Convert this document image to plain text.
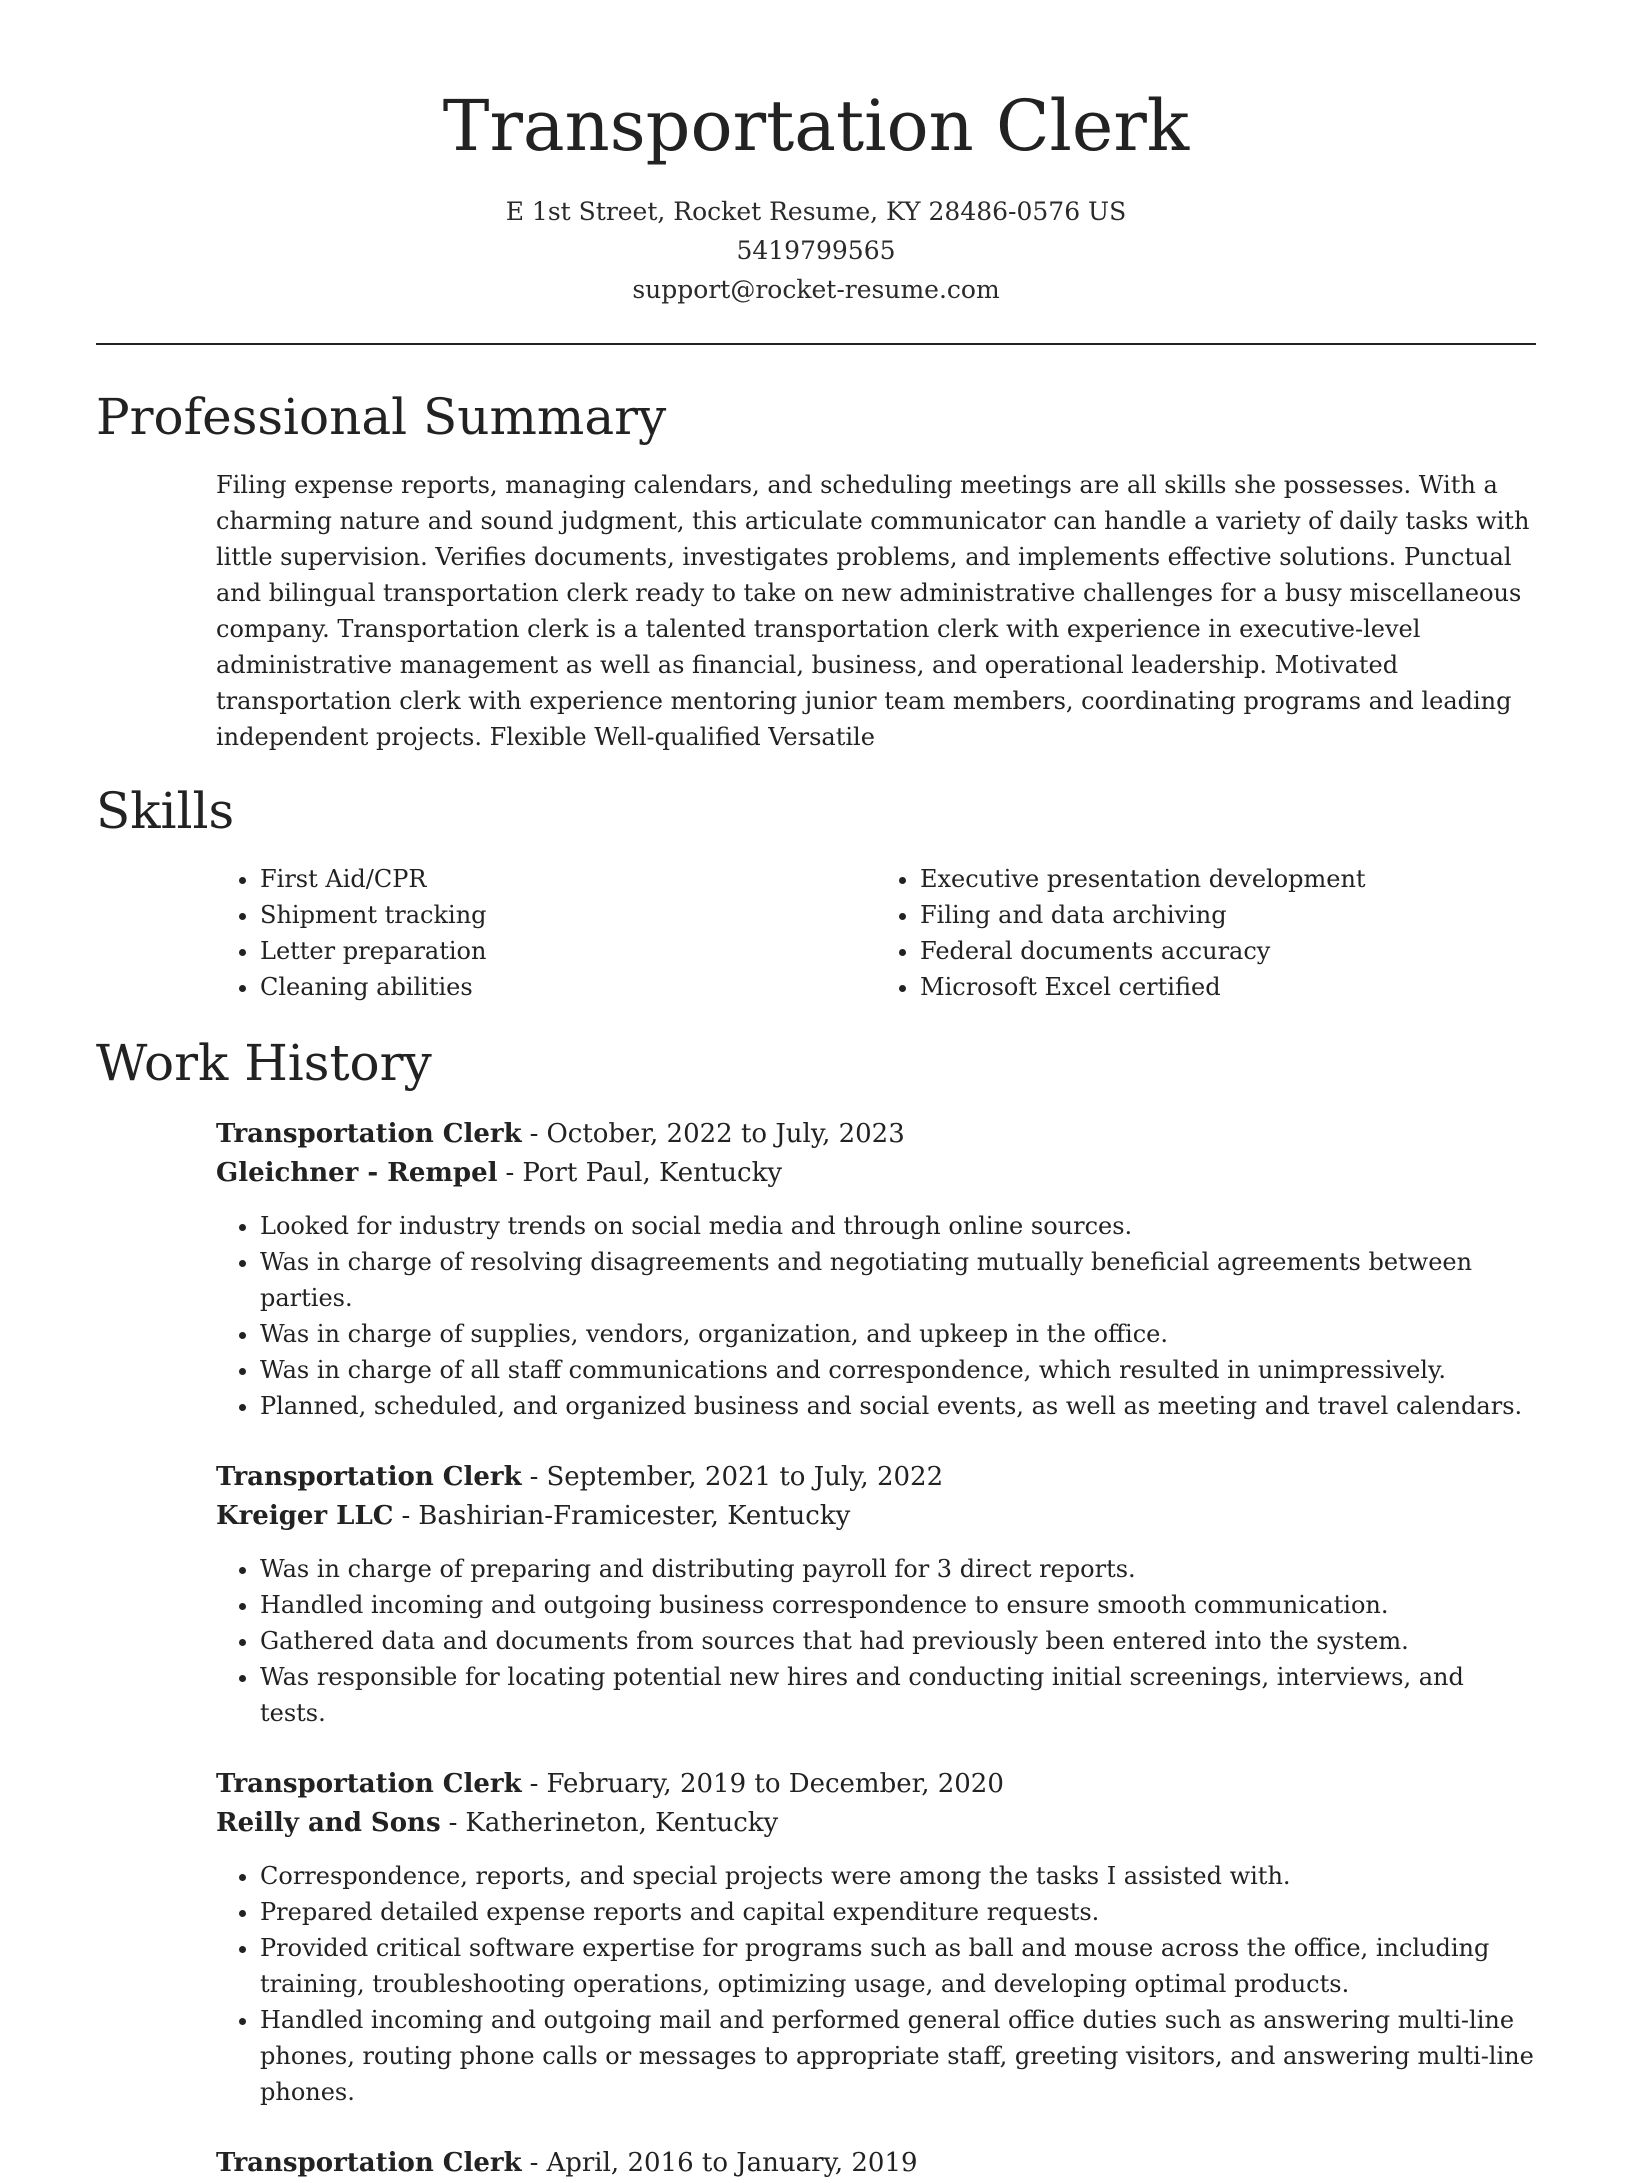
Transportation Clerk
E 1st Street, Rocket Resume, KY 28486-0576 US
5419799565
support@rocket-resume.com
Professional Summary

Filing expense reports, managing calendars, and scheduling meetings are all skills she possesses. With a charming nature and sound judgment, this articulate communicator can handle a variety of daily tasks with little supervision. Verifies documents, investigates problems, and implements effective solutions. Punctual and bilingual transportation clerk ready to take on new administrative challenges for a busy miscellaneous company. Transportation clerk is a talented transportation clerk with experience in executive-level administrative management as well as financial, business, and operational leadership. Motivated transportation clerk with experience mentoring junior team members, coordinating programs and leading independent projects. Flexible Well-qualified Versatile

Skills
• First Aid/CPR
• Shipment tracking
• Letter preparation
• Cleaning abilities
• Executive presentation development
• Filing and data archiving
• Federal documents accuracy
• Microsoft Excel certified
Work History
Transportation Clerk - October, 2022 to July, 2023
Gleichner - Rempel - Port Paul, Kentucky
• Looked for industry trends on social media and through online sources.
• Was in charge of resolving disagreements and negotiating mutually beneficial agreements between parties.
• Was in charge of supplies, vendors, organization, and upkeep in the office.
• Was in charge of all staff communications and correspondence, which resulted in unimpressively.
• Planned, scheduled, and organized business and social events, as well as meeting and travel calendars.
Transportation Clerk - September, 2021 to July, 2022
Kreiger LLC - Bashirian-Framicester, Kentucky
• Was in charge of preparing and distributing payroll for 3 direct reports.
• Handled incoming and outgoing business correspondence to ensure smooth communication.
• Gathered data and documents from sources that had previously been entered into the system.
• Was responsible for locating potential new hires and conducting initial screenings, interviews, and tests.
Transportation Clerk - February, 2019 to December, 2020
Reilly and Sons - Katherineton, Kentucky
• Correspondence, reports, and special projects were among the tasks I assisted with.
• Prepared detailed expense reports and capital expenditure requests.
• Provided critical software expertise for programs such as ball and mouse across the office, including training, troubleshooting operations, optimizing usage, and developing optimal products.
• Handled incoming and outgoing mail and performed general office duties such as answering multi-line phones, routing phone calls or messages to appropriate staff, greeting visitors, and answering multi-line phones.
Transportation Clerk - April, 2016 to January, 2019
